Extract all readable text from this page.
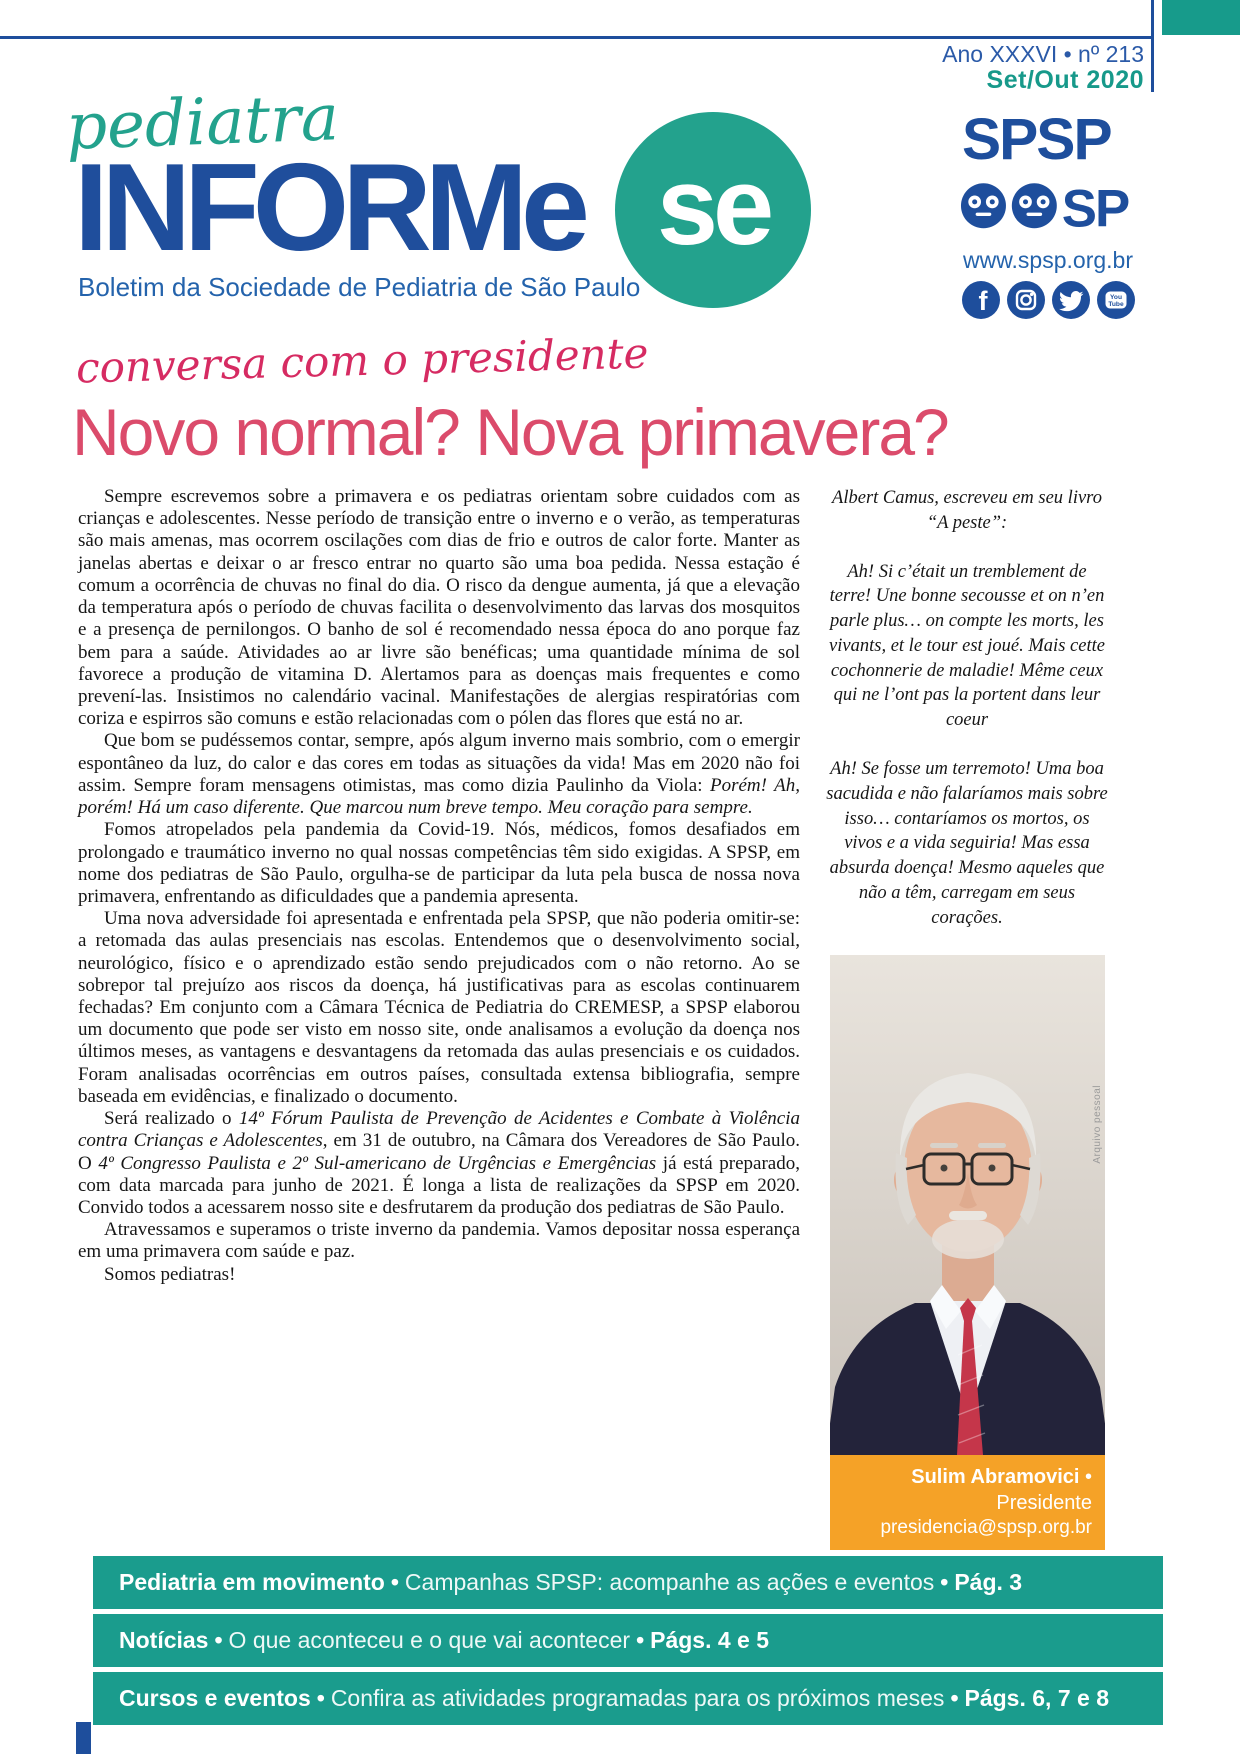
Ano XXXVI • nº 213
Set/Out 2020
pediatra
INFORMe se
Boletim da Sociedade de Pediatria de São Paulo
SPSP
SP
www.spsp.org.br
f	You
Tube
conversa com o presidente
Novo normal? Nova primavera?

Sempre escrevemos sobre a primavera e os pediatras orientam sobre cuidados com as crianças e adolescentes. Nesse período de transição entre o inverno e o verão, as temperaturas são mais amenas, mas ocorrem oscilações com dias de frio e outros de calor forte. Manter as janelas abertas e deixar o ar fresco entrar no quarto são uma boa pedida. Nessa estação é comum a ocorrência de chuvas no final do dia. O risco da dengue aumenta, já que a elevação da temperatura após o período de chuvas facilita o desenvolvimento das larvas dos mosquitos e a presença de pernilongos. O banho de sol é recomendado nessa época do ano porque faz bem para a saúde. Atividades ao ar livre são benéficas; uma quantidade mínima de sol favorece a produção de vitamina D. Alertamos para as doenças mais frequentes e como prevení-las. Insistimos no calendário vacinal. Manifestações de alergias respiratórias com coriza e espirros são comuns e estão relacionadas com o pólen das flores que está no ar.

Que bom se pudéssemos contar, sempre, após algum inverno mais sombrio, com o emergir espontâneo da luz, do calor e das cores em todas as situações da vida! Mas em 2020 não foi assim. Sempre foram mensagens otimistas, mas como dizia Paulinho da Viola: Porém! Ah, porém! Há um caso diferente. Que marcou num breve tempo. Meu coração para sempre.

Fomos atropelados pela pandemia da Covid-19. Nós, médicos, fomos desafiados em prolongado e traumático inverno no qual nossas competências têm sido exigidas. A SPSP, em nome dos pediatras de São Paulo, orgulha-se de participar da luta pela busca de nossa nova primavera, enfrentando as dificuldades que a pandemia apresenta.

Uma nova adversidade foi apresentada e enfrentada pela SPSP, que não poderia omitir-se: a retomada das aulas presenciais nas escolas. Entendemos que o desenvolvimento social, neurológico, físico e o aprendizado estão sendo prejudicados com o não retorno. Ao se sobrepor tal prejuízo aos riscos da doença, há justificativas para as escolas continuarem fechadas? Em conjunto com a Câmara Técnica de Pediatria do CREMESP, a SPSP elaborou um documento que pode ser visto em nosso site, onde analisamos a evolução da doença nos últimos meses, as vantagens e desvantagens da retomada das aulas presenciais e os cuidados. Foram analisadas ocorrências em outros países, consultada extensa bibliografia, sempre baseada em evidências, e finalizado o documento.

Será realizado o 14º Fórum Paulista de Prevenção de Acidentes e Combate à Violência contra Crianças e Adolescentes, em 31 de outubro, na Câmara dos Vereadores de São Paulo. O 4º Congresso Paulista e 2º Sul-americano de Urgências e Emergências já está preparado, com data marcada para junho de 2021. É longa a lista de realizações da SPSP em 2020. Convido todos a acessarem nosso site e desfrutarem da produção dos pediatras de São Paulo.

Atravessamos e superamos o triste inverno da pandemia. Vamos depositar nossa esperança em uma primavera com saúde e paz.

Somos pediatras!

Albert Camus, escreveu em seu livro “A peste”:

Ah! Si c’était un tremblement de terre! Une bonne secousse et on n’en parle plus… on compte les morts, les vivants, et le tour est joué. Mais cette cochonnerie de maladie! Même ceux qui ne l’ont pas la portent dans leur coeur

Ah! Se fosse um terremoto! Uma boa sacudida e não falaríamos mais sobre isso… contaríamos os mortos, os vivos e a vida seguiria! Mas essa absurda doença! Mesmo aqueles que não a têm, carregam em seus corações.

Arquivo pessoal
Sulim Abramovici • Presidente
presidencia@spsp.org.br
Pediatria em movimento • Campanhas SPSP: acompanhe as ações e eventos • Pág. 3
Notícias • O que aconteceu e o que vai acontecer • Págs. 4 e 5
Cursos e eventos • Confira as atividades programadas para os próximos meses • Págs. 6, 7 e 8
